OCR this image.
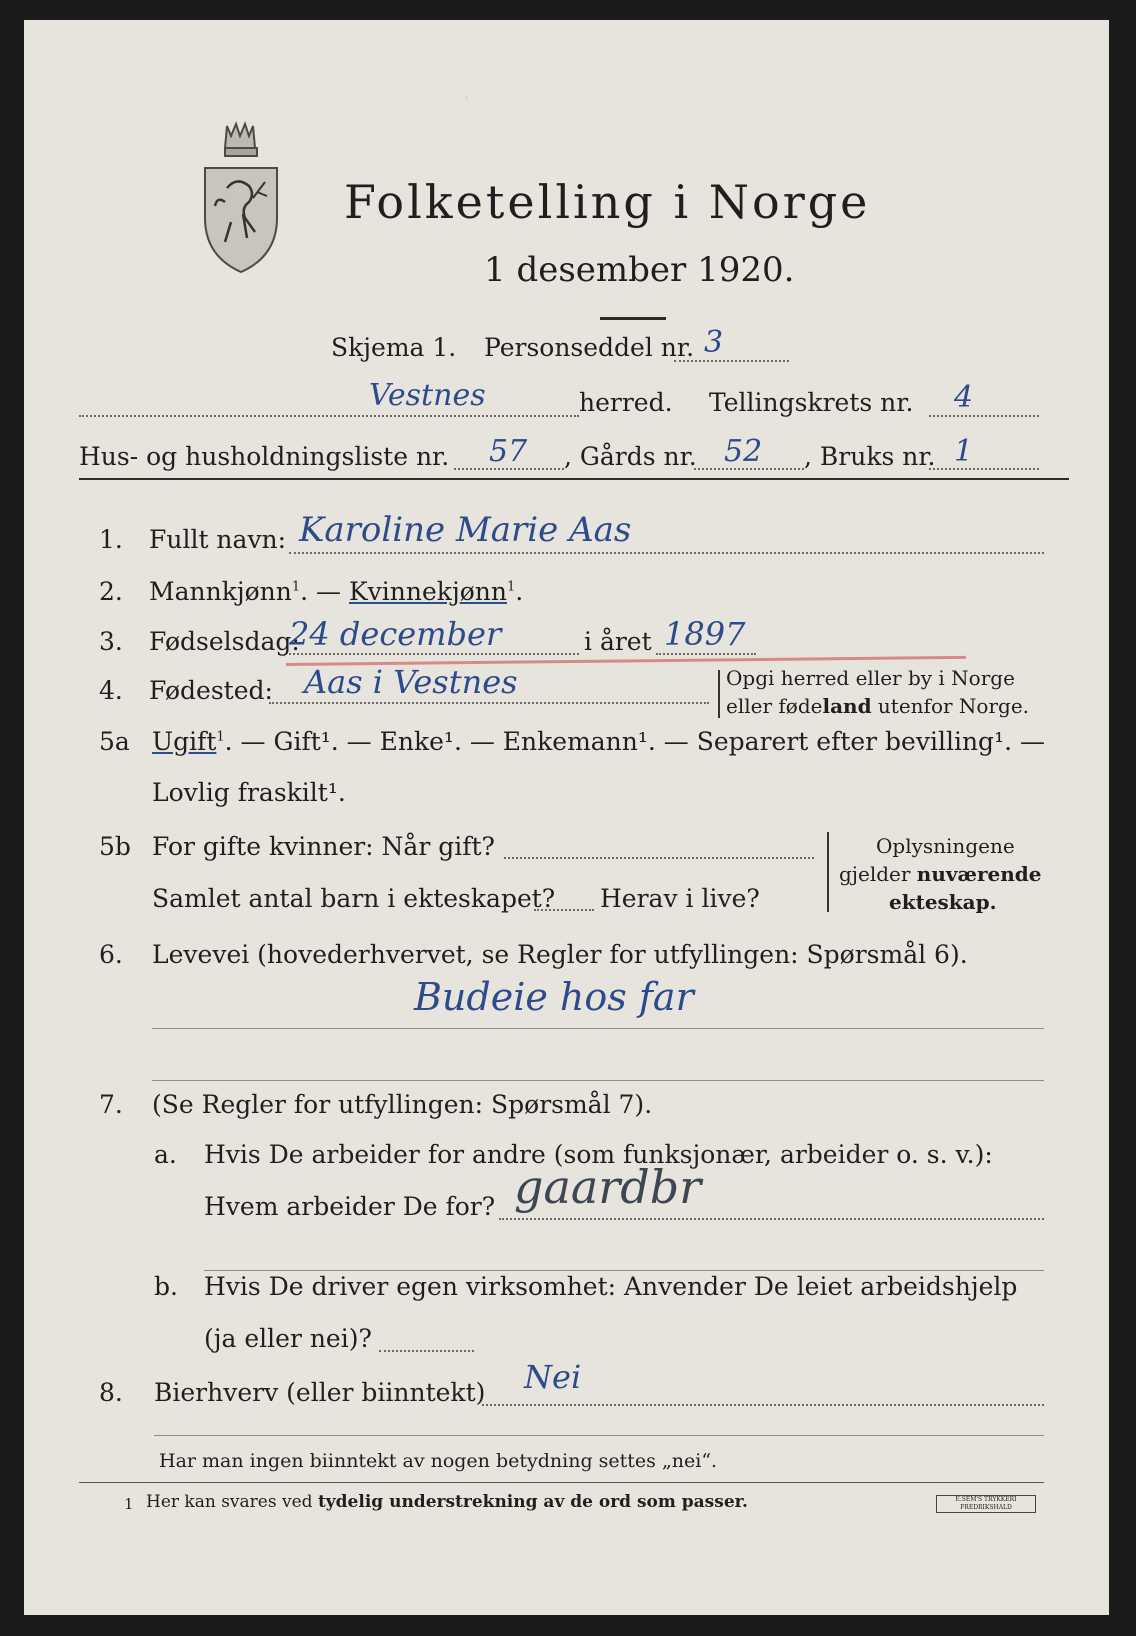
·
Folketelling i Norge
1 desember 1920.
Skjema 1. Personseddel nr. 3
Vestnes	herred. Tellingskrets nr. 4
Hus- og husholdningsliste nr. 57 , Gårds nr. 52 , Bruks nr. 1
1. Fullt navn: Karoline Marie Aas
2. Mannkjønn$^1$. — Kvinnekjønn$^1$.
3. Fødselsdag:
24 december	i året 1897
4. Fødested: Aas i Vestnes	Opgi herred eller by i Norge
eller fødeland utenfor Norge.
5a Ugift$^1$. — Gift¹. — Enke¹. — Enkemann¹. — Separert efter bevilling¹. —
Lovlig fraskilt¹.
5b For gifte kvinner: Når gift?
Samlet antal barn i ekteskapet? Herav i live?
Oplysningene
gjelder nuværende
ekteskap.
6. Levevei (hovederhvervet, se Regler for utfyllingen: Spørsmål 6).
Budeie hos far
7. (Se Regler for utfyllingen: Spørsmål 7).
a. Hvis De arbeider for andre (som funksjonær, arbeider o. s. v.):
Hvem arbeider De for? gaardbr
b. Hvis De driver egen virksomhet: Anvender De leiet arbeidshjelp
(ja eller nei)?
8. Bierhverv (eller biinntekt) Nei
Har man ingen biinntekt av nogen betydning settes „nei“.
1 Her kan svares ved tydelig understrekning av de ord som passer.	E.SEM'S TRYKKERI FREDRIKSHALD
